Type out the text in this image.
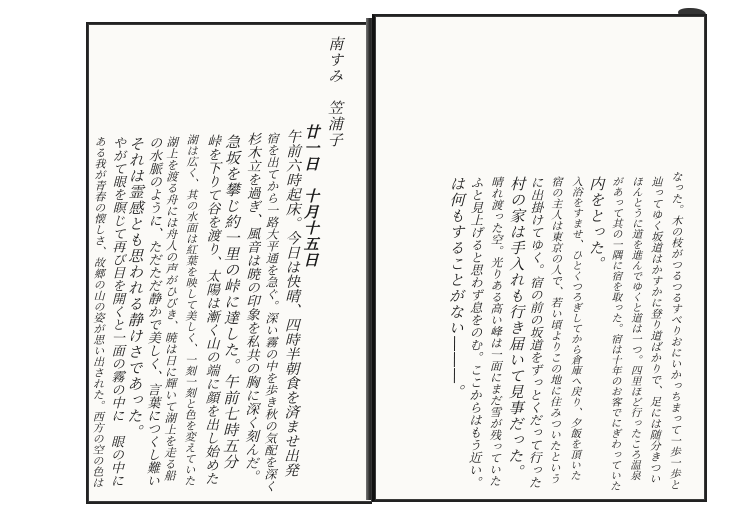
南すみ　笠浦子
廿一日　十月十五日
午前六時起床。今日は快晴、四時半朝食を済ませ出発
宿を出てから一路大平通を急ぐ。深い霧の中を歩き秋の気配を深く
杉木立を過ぎ、風音は暁の印象を私共の胸に深く刻んだ。
急坂を攀じ約一里の峠に達した。午前七時五分
峠を下りて谷を渡り、太陽は漸く山の端に顔を出し始めた
湖は広く、其の水面は紅葉を映して美しく、一刻一刻と色を変えていた
湖上を渡る舟には舟人の声がひびき、暁は日に輝いて湖上を走る船
の水脈のように、ただただ静かで美しく、言葉につくし難い
それは霊感とも思われる静けさであった。
やがて眼を瞑じて再び目を開くと一面の霧の中に　眼の中に
ある我が青春の懐しさ、故郷の山の姿が思い出された。西方の空の色は	なった。木の枝がつるつるすべりおにいかっちまって一歩一歩と
辿ってゆく坂道はかすかに登り道ばかりで、足には随分きつい
ほんとうに道を進んでゆくと道は一つ。四里ほど行ったころ温泉
があって其の一隅に宿を取った。宿は十年のお客でにぎわっていた
内をとった。
入浴をすませ、ひとくつろぎしてから倉庫へ戻り、夕飯を頂いた
宿の主人は東京の人で、若い頃よりこの地に住みついたという
に出掛けてゆく。宿の前の坂道をずっとくだって行った
村の家は手入れも行き届いて見事だった。
晴れ渡った空。光りある高い峰は一面にまだ雪が残っていた
ふと見上げると思わず息をのむ。ここからはもう近い。
は何もすることがない―――。
